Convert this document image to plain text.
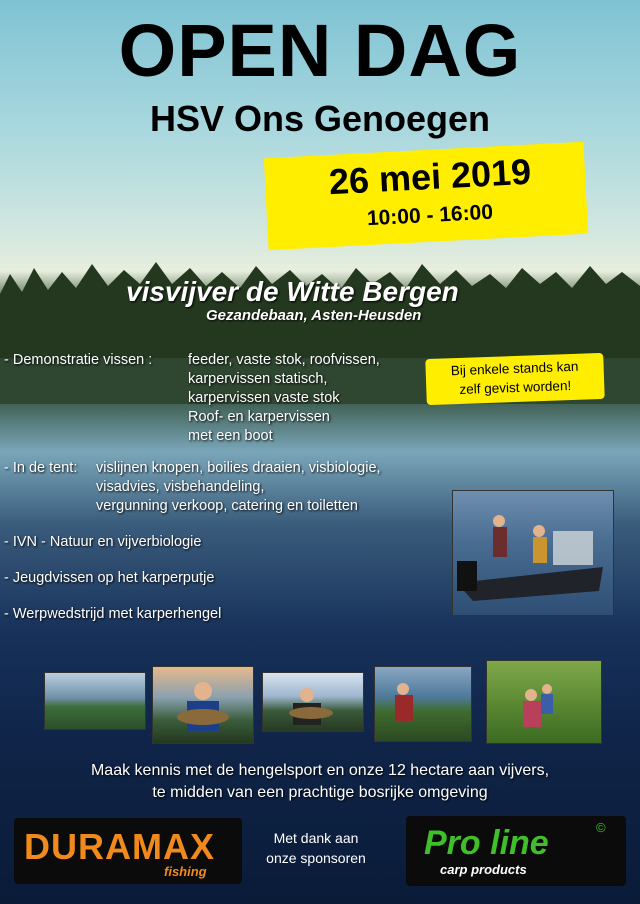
OPEN DAG
HSV Ons Genoegen
26 mei 2019
10:00 - 16:00
visvijver de Witte Bergen
Gezandebaan, Asten-Heusden
- Demonstratie vissen : feeder, vaste stok, roofvissen,
karpervissen statisch,
karpervissen vaste stok
Roof- en karpervissen
met een boot
- In de tent: vislijnen knopen, boilies draaien, visbiologie,
visadvies, visbehandeling,
vergunning verkoop, catering en toiletten
- IVN - Natuur en vijverbiologie
- Jeugdvissen op het karperputje
- Werpwedstrijd met karperhengel
Bij enkele stands kan
zelf gevist worden!
Maak kennis met de hengelsport en onze 12 hectare aan vijvers,
te midden van een prachtige bosrijke omgeving
DURAMAX
fishing
Met dank aan
onze sponsoren	Pro line	©
carp products
